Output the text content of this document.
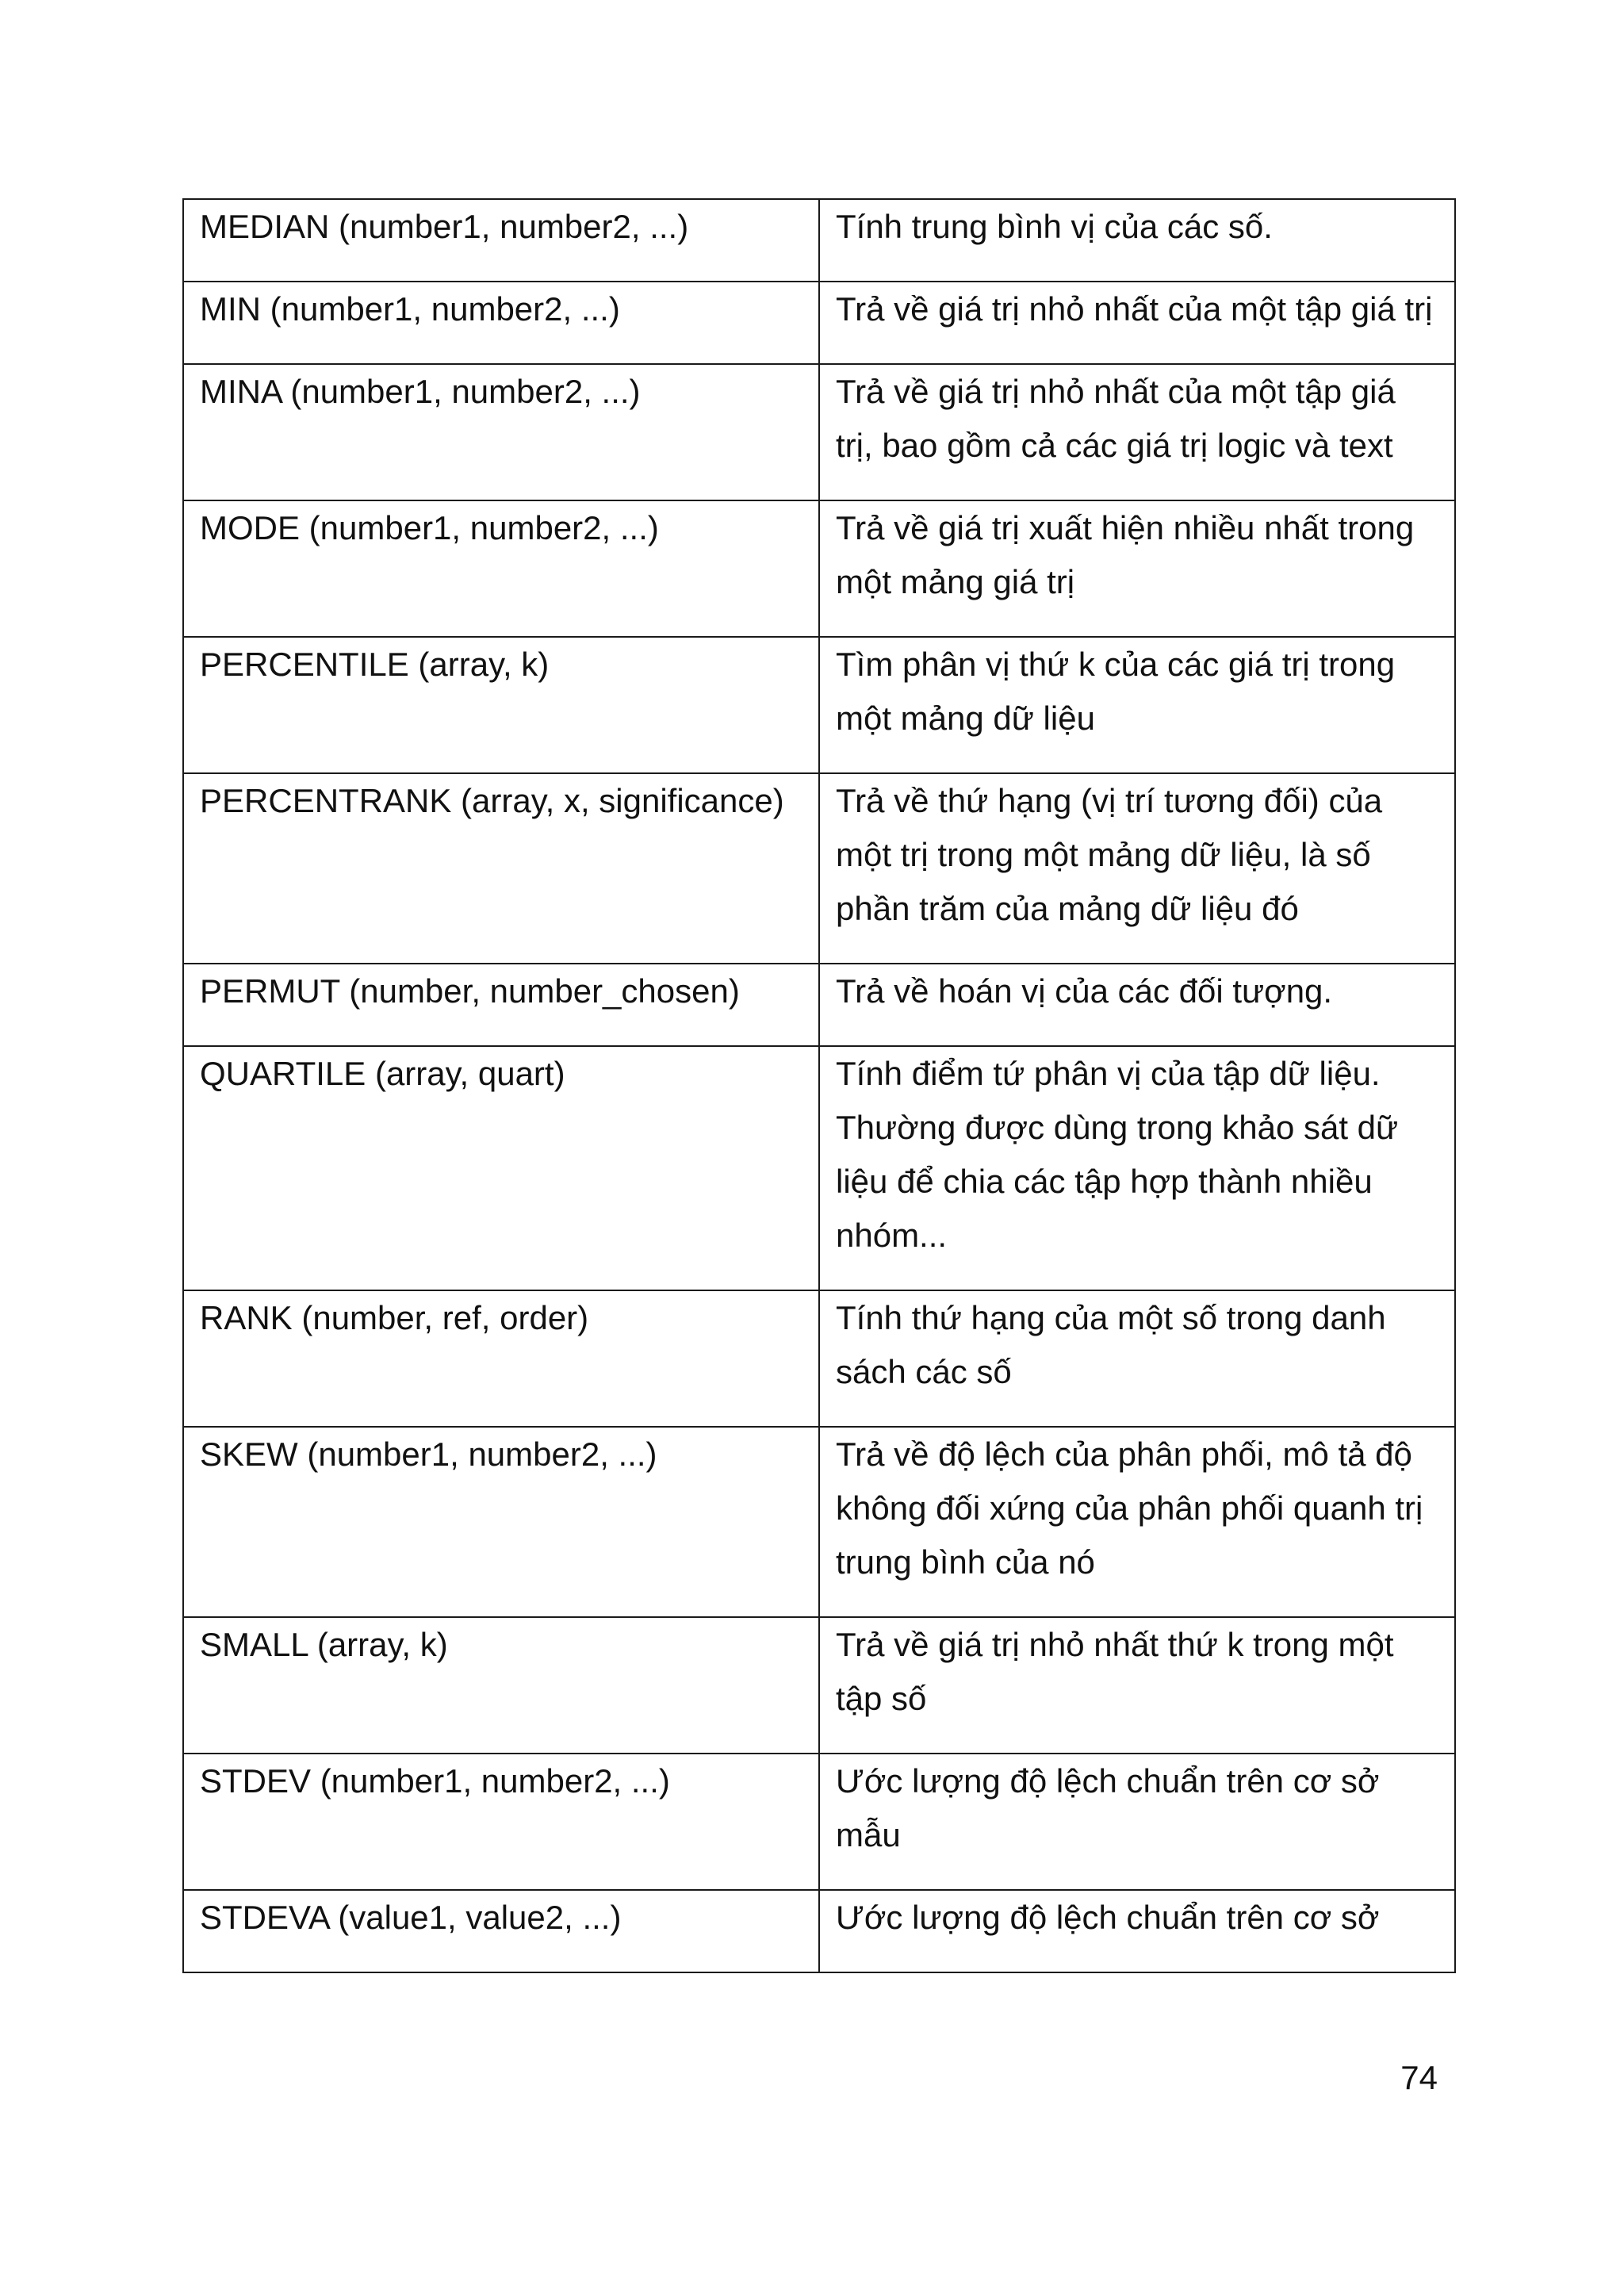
MEDIAN (number1, number2, ...)	Tính trung bình vị của các số.

MIN (number1, number2, ...)	Trả về giá trị nhỏ nhất của một tập giá trị

MINA (number1, number2, ...)	Trả về giá trị nhỏ nhất của một tập giá trị, bao gồm cả các giá trị logic và text

MODE (number1, number2, ...)	Trả về giá trị xuất hiện nhiều nhất trong một mảng giá trị

PERCENTILE (array, k)	Tìm phân vị thứ k của các giá trị trong một mảng dữ liệu

PERCENTRANK (array, x, significance)	Trả về thứ hạng (vị trí tương đối) của một trị trong một mảng dữ liệu, là số phần trăm của mảng dữ liệu đó

PERMUT (number, number_chosen)	Trả về hoán vị của các đối tượng.

QUARTILE (array, quart)	Tính điểm tứ phân vị của tập dữ liệu. Thường được dùng trong khảo sát dữ liệu để chia các tập hợp thành nhiều nhóm...

RANK (number, ref, order)	Tính thứ hạng của một số trong danh sách các số

SKEW (number1, number2, ...)	Trả về độ lệch của phân phối, mô tả độ không đối xứng của phân phối quanh trị trung bình của nó

SMALL (array, k)	Trả về giá trị nhỏ nhất thứ k trong một tập số

STDEV (number1, number2, ...)	Ước lượng độ lệch chuẩn trên cơ sở mẫu

STDEVA (value1, value2, ...)	Ước lượng độ lệch chuẩn trên cơ sở
74
